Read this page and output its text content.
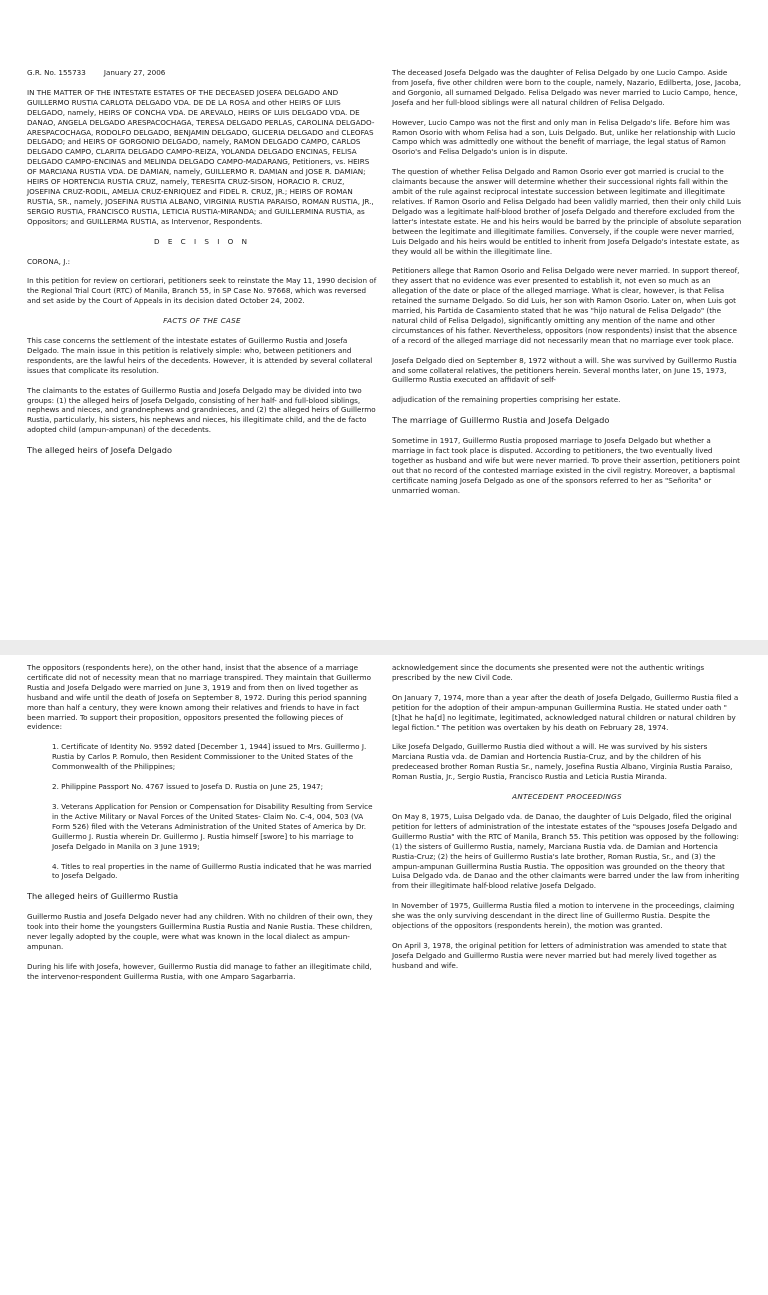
G.R. No. 155733	January 27, 2006

IN THE MATTER OF THE INTESTATE ESTATES OF THE DECEASED JOSEFA DELGADO AND GUILLERMO RUSTIA CARLOTA DELGADO VDA. DE DE LA ROSA and other HEIRS OF LUIS DELGADO, namely, HEIRS OF CONCHA VDA. DE AREVALO, HEIRS OF LUIS DELGADO VDA. DE DANAO, ANGELA DELGADO ARESPACOCHAGA, TERESA DELGADO PERLAS, CAROLINA DELGADO-ARESPACOCHAGA, RODOLFO DELGADO, BENJAMIN DELGADO, GLICERIA DELGADO and CLEOFAS DELGADO; and HEIRS OF GORGONIO DELGADO, namely, RAMON DELGADO CAMPO, CARLOS DELGADO CAMPO, CLARITA DELGADO CAMPO-REIZA, YOLANDA DELGADO ENCINAS, FELISA DELGADO CAMPO-ENCINAS and MELINDA DELGADO CAMPO-MADARANG, Petitioners, vs. HEIRS OF MARCIANA RUSTIA VDA. DE DAMIAN, namely, GUILLERMO R. DAMIAN and JOSE R. DAMIAN; HEIRS OF HORTENCIA RUSTIA CRUZ, namely, TERESITA CRUZ-SISON, HORACIO R. CRUZ, JOSEFINA CRUZ-RODIL, AMELIA CRUZ-ENRIQUEZ and FIDEL R. CRUZ, JR.; HEIRS OF ROMAN RUSTIA, SR., namely, JOSEFINA RUSTIA ALBANO, VIRGINIA RUSTIA PARAISO, ROMAN RUSTIA, JR., SERGIO RUSTIA, FRANCISCO RUSTIA, LETICIA RUSTIA-MIRANDA; and GUILLERMINA RUSTIA, as Oppositors; and GUILLERMA RUSTIA, as Intervenor, Respondents.

D E C I S I O N

CORONA, J.:

In this petition for review on certiorari, petitioners seek to reinstate the May 11, 1990 decision of the Regional Trial Court (RTC) of Manila, Branch 55, in SP Case No. 97668, which was reversed and set aside by the Court of Appeals in its decision dated October 24, 2002.

FACTS OF THE CASE

This case concerns the settlement of the intestate estates of Guillermo Rustia and Josefa Delgado. The main issue in this petition is relatively simple: who, between petitioners and respondents, are the lawful heirs of the decedents. However, it is attended by several collateral issues that complicate its resolution.

The claimants to the estates of Guillermo Rustia and Josefa Delgado may be divided into two groups: (1) the alleged heirs of Josefa Delgado, consisting of her half- and full-blood siblings, nephews and nieces, and grandnephews and grandnieces, and (2) the alleged heirs of Guillermo Rustia, particularly, his sisters, his nephews and nieces, his illegitimate child, and the de facto adopted child (ampun-ampunan) of the decedents.

The alleged heirs of Josefa Delgado

The deceased Josefa Delgado was the daughter of Felisa Delgado by one Lucio Campo. Aside from Josefa, five other children were born to the couple, namely, Nazario, Edilberta, Jose, Jacoba, and Gorgonio, all surnamed Delgado. Felisa Delgado was never married to Lucio Campo, hence, Josefa and her full-blood siblings were all natural children of Felisa Delgado.

However, Lucio Campo was not the first and only man in Felisa Delgado's life. Before him was Ramon Osorio with whom Felisa had a son, Luis Delgado. But, unlike her relationship with Lucio Campo which was admittedly one without the benefit of marriage, the legal status of Ramon Osorio's and Felisa Delgado's union is in dispute.

The question of whether Felisa Delgado and Ramon Osorio ever got married is crucial to the claimants because the answer will determine whether their successional rights fall within the ambit of the rule against reciprocal intestate succession between legitimate and illegitimate relatives. If Ramon Osorio and Felisa Delgado had been validly married, then their only child Luis Delgado was a legitimate half-blood brother of Josefa Delgado and therefore excluded from the latter's intestate estate. He and his heirs would be barred by the principle of absolute separation between the legitimate and illegitimate families. Conversely, if the couple were never married, Luis Delgado and his heirs would be entitled to inherit from Josefa Delgado's intestate estate, as they would all be within the illegitimate line.

Petitioners allege that Ramon Osorio and Felisa Delgado were never married. In support thereof, they assert that no evidence was ever presented to establish it, not even so much as an allegation of the date or place of the alleged marriage. What is clear, however, is that Felisa retained the surname Delgado. So did Luis, her son with Ramon Osorio. Later on, when Luis got married, his Partida de Casamiento stated that he was "hijo natural de Felisa Delgado" (the natural child of Felisa Delgado), significantly omitting any mention of the name and other circumstances of his father. Nevertheless, oppositors (now respondents) insist that the absence of a record of the alleged marriage did not necessarily mean that no marriage ever took place.

Josefa Delgado died on September 8, 1972 without a will. She was survived by Guillermo Rustia and some collateral relatives, the petitioners herein. Several months later, on June 15, 1973, Guillermo Rustia executed an affidavit of self-

adjudication of the remaining properties comprising her estate.

The marriage of Guillermo Rustia and Josefa Delgado

Sometime in 1917, Guillermo Rustia proposed marriage to Josefa Delgado but whether a marriage in fact took place is disputed. According to petitioners, the two eventually lived together as husband and wife but were never married. To prove their assertion, petitioners point out that no record of the contested marriage existed in the civil registry. Moreover, a baptismal certificate naming Josefa Delgado as one of the sponsors referred to her as "Señorita" or unmarried woman.

The oppositors (respondents here), on the other hand, insist that the absence of a marriage certificate did not of necessity mean that no marriage transpired. They maintain that Guillermo Rustia and Josefa Delgado were married on June 3, 1919 and from then on lived together as husband and wife until the death of Josefa on September 8, 1972. During this period spanning more than half a century, they were known among their relatives and friends to have in fact been married. To support their proposition, oppositors presented the following pieces of evidence:

1. Certificate of Identity No. 9592 dated [December 1, 1944] issued to Mrs. Guillermo J. Rustia by Carlos P. Romulo, then Resident Commissioner to the United States of the Commonwealth of the Philippines;

2. Philippine Passport No. 4767 issued to Josefa D. Rustia on June 25, 1947;

3. Veterans Application for Pension or Compensation for Disability Resulting from Service in the Active Military or Naval Forces of the United States- Claim No. C-4, 004, 503 (VA Form 526) filed with the Veterans Administration of the United States of America by Dr. Guillermo J. Rustia wherein Dr. Guillermo J. Rustia himself [swore] to his marriage to Josefa Delgado in Manila on 3 June 1919;

4. Titles to real properties in the name of Guillermo Rustia indicated that he was married to Josefa Delgado.

The alleged heirs of Guillermo Rustia

Guillermo Rustia and Josefa Delgado never had any children. With no children of their own, they took into their home the youngsters Guillermina Rustia Rustia and Nanie Rustia. These children, never legally adopted by the couple, were what was known in the local dialect as ampun-ampunan.

During his life with Josefa, however, Guillermo Rustia did manage to father an illegitimate child, the intervenor-respondent Guillerma Rustia, with one Amparo Sagarbarria.

acknowledgement since the documents she presented were not the authentic writings prescribed by the new Civil Code.

On January 7, 1974, more than a year after the death of Josefa Delgado, Guillermo Rustia filed a petition for the adoption of their ampun-ampunan Guillermina Rustia. He stated under oath "[t]hat he ha[d] no legitimate, legitimated, acknowledged natural children or natural children by legal fiction." The petition was overtaken by his death on February 28, 1974.

Like Josefa Delgado, Guillermo Rustia died without a will. He was survived by his sisters Marciana Rustia vda. de Damian and Hortencia Rustia-Cruz, and by the children of his predeceased brother Roman Rustia Sr., namely, Josefina Rustia Albano, Virginia Rustia Paraiso, Roman Rustia, Jr., Sergio Rustia, Francisco Rustia and Leticia Rustia Miranda.

ANTECEDENT PROCEEDINGS

On May 8, 1975, Luisa Delgado vda. de Danao, the daughter of Luis Delgado, filed the original petition for letters of administration of the intestate estates of the "spouses Josefa Delgado and Guillermo Rustia" with the RTC of Manila, Branch 55. This petition was opposed by the following: (1) the sisters of Guillermo Rustia, namely, Marciana Rustia vda. de Damian and Hortencia Rustia-Cruz; (2) the heirs of Guillermo Rustia's late brother, Roman Rustia, Sr., and (3) the ampun-ampunan Guillermina Rustia Rustia. The opposition was grounded on the theory that Luisa Delgado vda. de Danao and the other claimants were barred under the law from inheriting from their illegitimate half-blood relative Josefa Delgado.

In November of 1975, Guillerma Rustia filed a motion to intervene in the proceedings, claiming she was the only surviving descendant in the direct line of Guillermo Rustia. Despite the objections of the oppositors (respondents herein), the motion was granted.

On April 3, 1978, the original petition for letters of administration was amended to state that Josefa Delgado and Guillermo Rustia were never married but had merely lived together as husband and wife.
